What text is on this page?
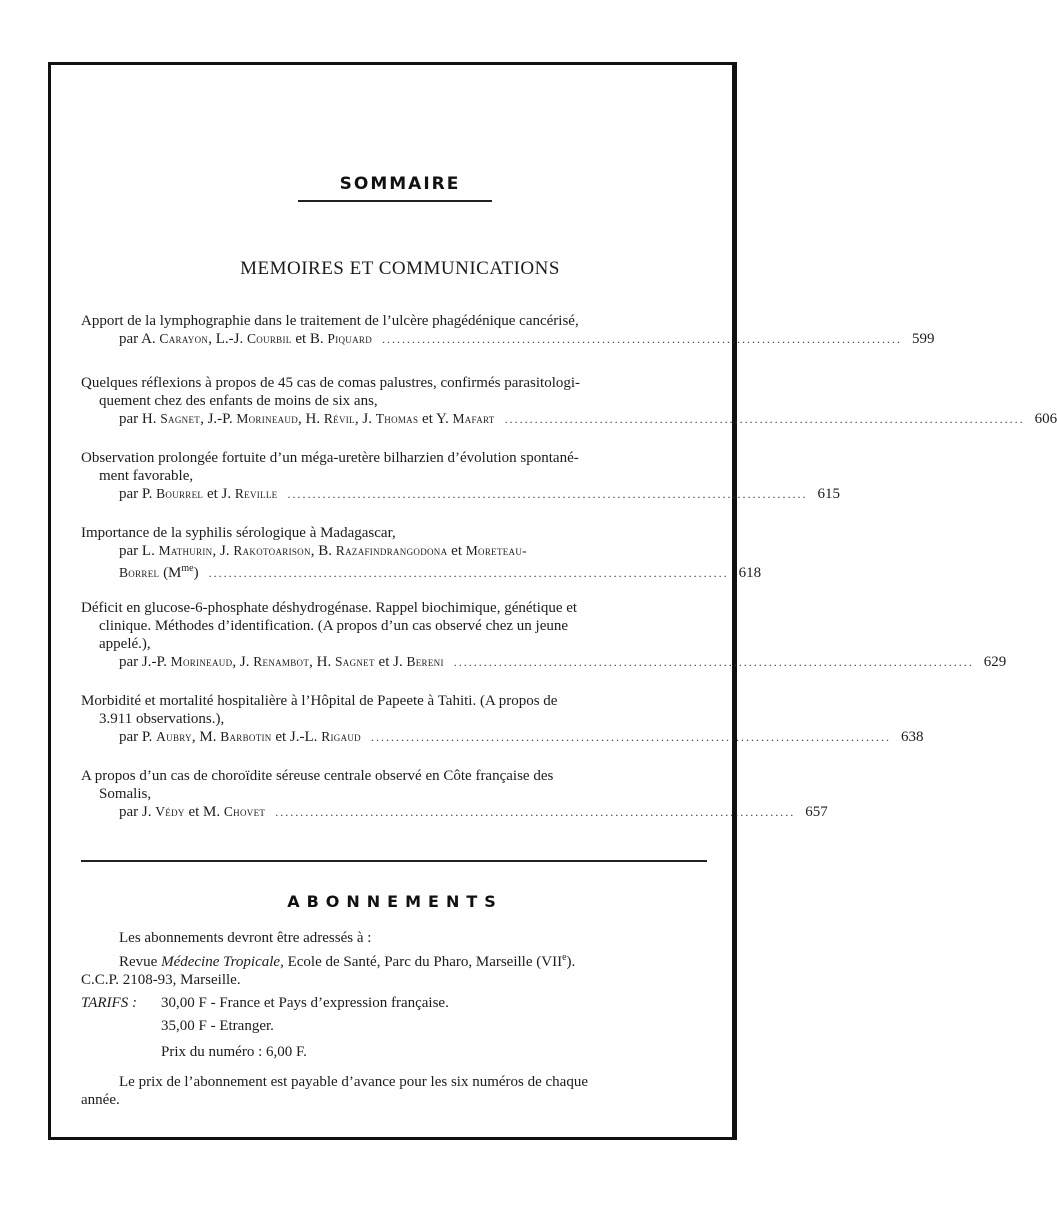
SOMMAIRE
MEMOIRES ET COMMUNICATIONS
Apport de la lymphographie dans le traitement de l’ulcère phagédénique cancérisé,
par A. Carayon, L.-J. Courbil et B. Piquard ........................................................................................................ 599
Quelques réflexions à propos de 45 cas de comas palustres, confirmés parasitologi-
quement chez des enfants de moins de six ans,
par H. Sagnet, J.-P. Morineaud, H. Révil, J. Thomas et Y. Mafart ........................................................................................................ 606
Observation prolongée fortuite d’un méga-uretère bilharzien d’évolution spontané-
ment favorable,
par P. Bourrel et J. Reville ........................................................................................................ 615
Importance de la syphilis sérologique à Madagascar,
par L. Mathurin, J. Rakotoarison, B. Razafindrangodona et Moreteau-
Borrel $(M^{me})$ ........................................................................................................ 618
Déficit en glucose-6-phosphate déshydrogénase. Rappel biochimique, génétique et
clinique. Méthodes d’identification. (A propos d’un cas observé chez un jeune
appelé.),
par J.-P. Morineaud, J. Renambot, H. Sagnet et J. Bereni ........................................................................................................ 629
Morbidité et mortalité hospitalière à l’Hôpital de Papeete à Tahiti. (A propos de
3.911 observations.),
par P. Aubry, M. Barbotin et J.-L. Rigaud ........................................................................................................ 638
A propos d’un cas de choroïdite séreuse centrale observé en Côte française des
Somalis,
par J. Védy et M. Chovet ........................................................................................................ 657
ABONNEMENTS
Les abonnements devront être adressés à :
Revue Médecine Tropicale, Ecole de Santé, Parc du Pharo, Marseille (VIIe).
C.C.P. 2108-93, Marseille.
TARIFS :	30,00 F - France et Pays d’expression française.
35,00 F - Etranger.
Prix du numéro : 6,00 F.
Le prix de l’abonnement est payable d’avance pour les six numéros de chaque
année.
